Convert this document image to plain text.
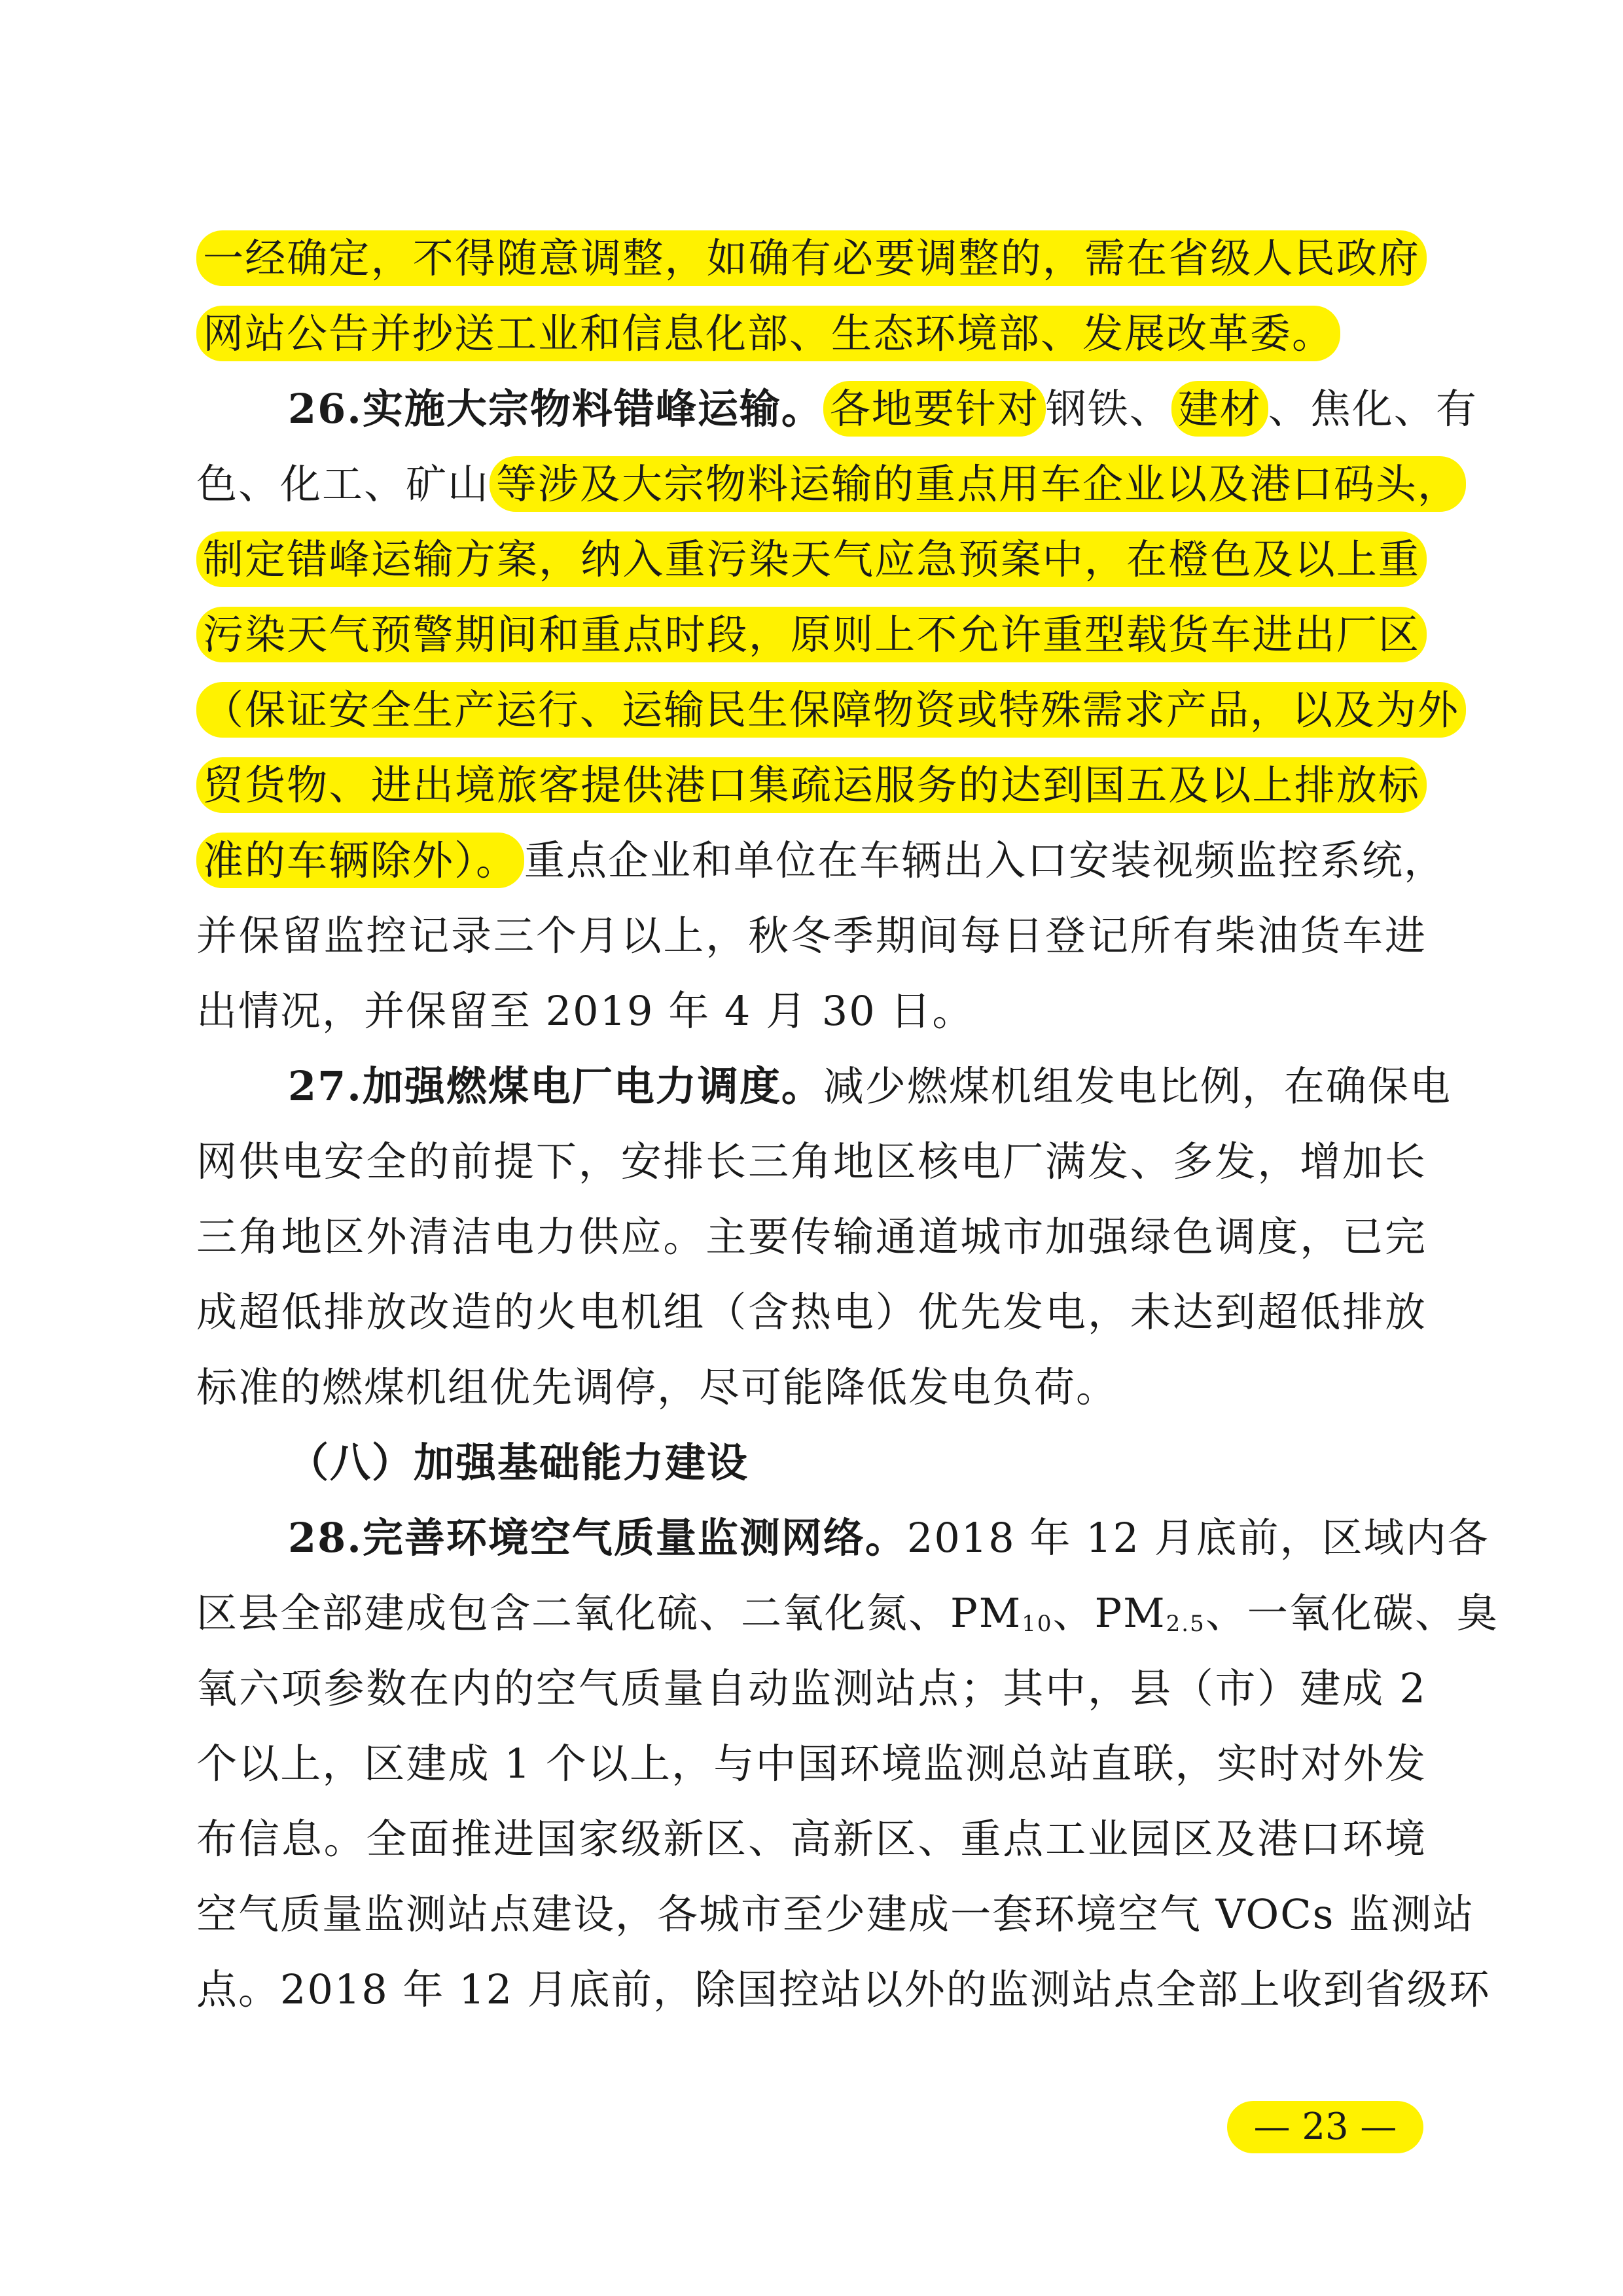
一经确定，不得随意调整，如确有必要调整的，需在省级人民政府
网站公告并抄送工业和信息化部、生态环境部、发展改革委。
26.实施大宗物料错峰运输。 各地要针对 钢铁、 建材 、焦化、有
色、化工、矿山 等涉及大宗物料运输的重点用车企业以及港口码头，
制定错峰运输方案，纳入重污染天气应急预案中，在橙色及以上重
污染天气预警期间和重点时段，原则上不允许重型载货车进出厂区
（保证安全生产运行、运输民生保障物资或特殊需求产品，以及为外
贸货物、进出境旅客提供港口集疏运服务的达到国五及以上排放标
准的车辆除外）。 重点企业和单位在车辆出入口安装视频监控系统，
并保留监控记录三个月以上，秋冬季期间每日登记所有柴油货车进
出情况，并保留至 2019 年 4 月 30 日。
27.加强燃煤电厂电力调度。减少燃煤机组发电比例，在确保电
网供电安全的前提下，安排长三角地区核电厂满发、多发，增加长
三角地区外清洁电力供应。主要传输通道城市加强绿色调度，已完
成超低排放改造的火电机组（含热电）优先发电，未达到超低排放
标准的燃煤机组优先调停，尽可能降低发电负荷。
（八）加强基础能力建设
28.完善环境空气质量监测网络。2018 年 12 月底前，区域内各
区县全部建成包含二氧化硫、二氧化氮、$PM_{10}$、$PM_{2.5}$、一氧化碳、臭
氧六项参数在内的空气质量自动监测站点；其中，县（市）建成 2
个以上，区建成 1 个以上，与中国环境监测总站直联，实时对外发
布信息。全面推进国家级新区、高新区、重点工业园区及港口环境
空气质量监测站点建设，各城市至少建成一套环境空气 VOCs 监测站
点。2018 年 12 月底前，除国控站以外的监测站点全部上收到省级环
— 23 —
